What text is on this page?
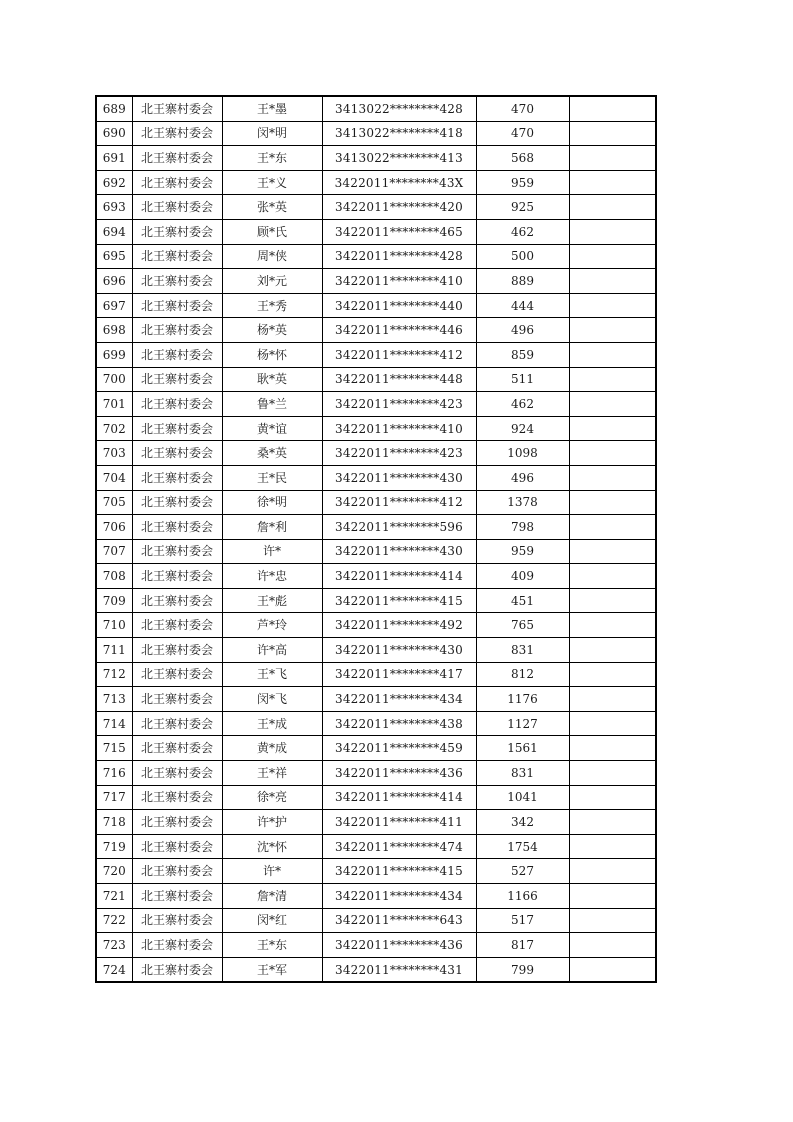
689	北王寨村委会	王*墨	3413022********428	470	
690	北王寨村委会	闵*明	3413022********418	470	
691	北王寨村委会	王*东	3413022********413	568	
692	北王寨村委会	王*义	3422011********43X	959	
693	北王寨村委会	张*英	3422011********420	925	
694	北王寨村委会	顾*氏	3422011********465	462	
695	北王寨村委会	周*侠	3422011********428	500	
696	北王寨村委会	刘*元	3422011********410	889	
697	北王寨村委会	王*秀	3422011********440	444	
698	北王寨村委会	杨*英	3422011********446	496	
699	北王寨村委会	杨*怀	3422011********412	859	
700	北王寨村委会	耿*英	3422011********448	511	
701	北王寨村委会	鲁*兰	3422011********423	462	
702	北王寨村委会	黄*谊	3422011********410	924	
703	北王寨村委会	桑*英	3422011********423	1098	
704	北王寨村委会	王*民	3422011********430	496	
705	北王寨村委会	徐*明	3422011********412	1378	
706	北王寨村委会	詹*利	3422011********596	798	
707	北王寨村委会	许*	3422011********430	959	
708	北王寨村委会	许*忠	3422011********414	409	
709	北王寨村委会	王*彪	3422011********415	451	
710	北王寨村委会	芦*玲	3422011********492	765	
711	北王寨村委会	许*高	3422011********430	831	
712	北王寨村委会	王*飞	3422011********417	812	
713	北王寨村委会	闵*飞	3422011********434	1176	
714	北王寨村委会	王*成	3422011********438	1127	
715	北王寨村委会	黄*成	3422011********459	1561	
716	北王寨村委会	王*祥	3422011********436	831	
717	北王寨村委会	徐*亮	3422011********414	1041	
718	北王寨村委会	许*护	3422011********411	342	
719	北王寨村委会	沈*怀	3422011********474	1754	
720	北王寨村委会	许*	3422011********415	527	
721	北王寨村委会	詹*清	3422011********434	1166	
722	北王寨村委会	闵*红	3422011********643	517	
723	北王寨村委会	王*东	3422011********436	817	
724	北王寨村委会	王*军	3422011********431	799	
